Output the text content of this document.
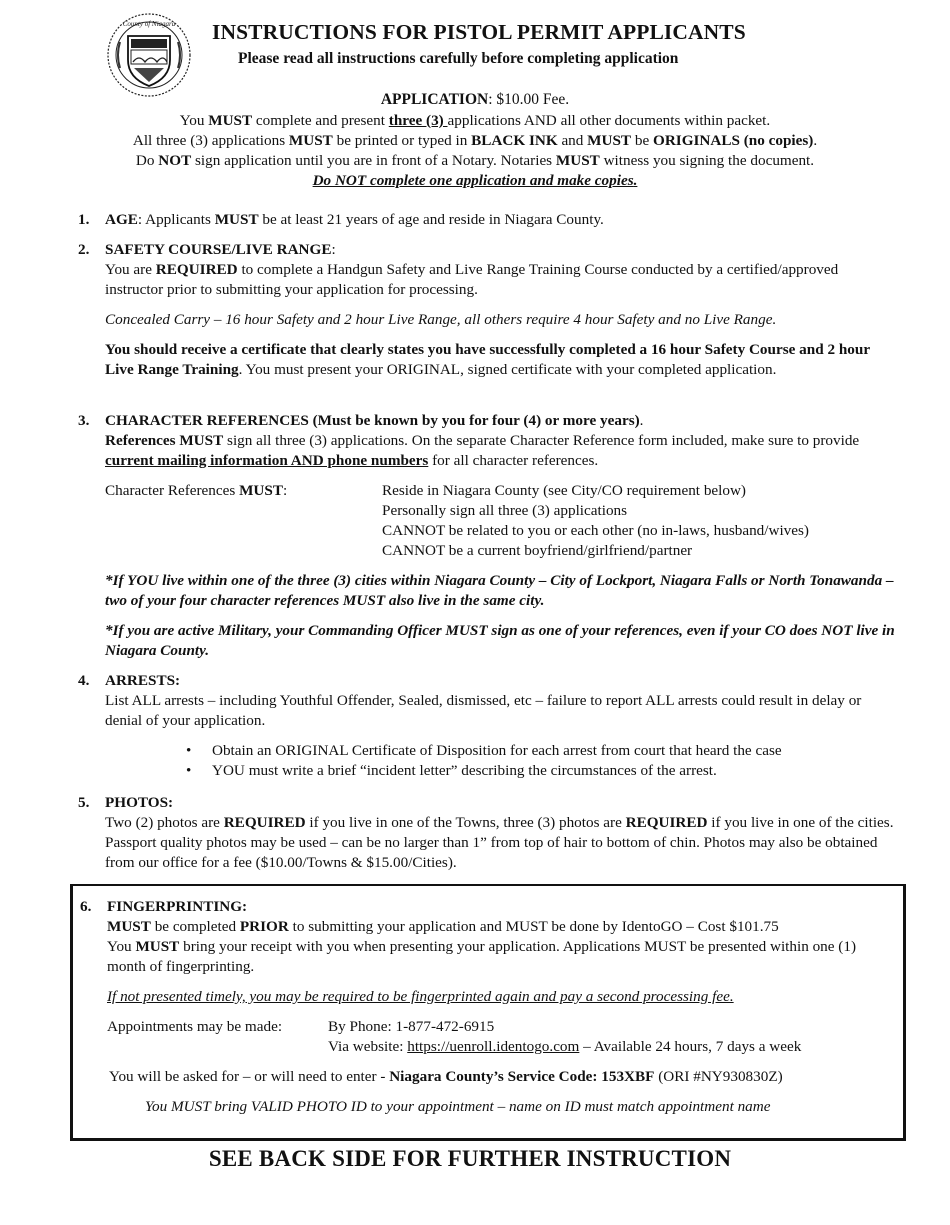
County of Niagara INSTRUCTIONS FOR PISTOL PERMIT APPLICANTS
Please read all instructions carefully before completing application
APPLICATION: $10.00 Fee.
You MUST complete and present three (3) applications AND all other documents within packet.
All three (3) applications MUST be printed or typed in BLACK INK and MUST be ORIGINALS (no copies).
Do NOT sign application until you are in front of a Notary. Notaries MUST witness you signing the document.
Do NOT complete one application and make copies.
1. AGE: Applicants MUST be at least 21 years of age and reside in Niagara County.
2. SAFETY COURSE/LIVE RANGE:

You are REQUIRED to complete a Handgun Safety and Live Range Training Course conducted by a certified/approved instructor prior to submitting your application for processing.

Concealed Carry – 16 hour Safety and 2 hour Live Range, all others require 4 hour Safety and no Live Range.

You should receive a certificate that clearly states you have successfully completed a 16 hour Safety Course and 2 hour Live Range Training. You must present your ORIGINAL, signed certificate with your completed application.

3. CHARACTER REFERENCES (Must be known by you for four (4) or more years).

References MUST sign all three (3) applications. On the separate Character Reference form included, make sure to provide current mailing information AND phone numbers for all character references.

Character References MUST:	Reside in Niagara County (see City/CO requirement below)
Personally sign all three (3) applications
CANNOT be related to you or each other (no in-laws, husband/wives)
CANNOT be a current boyfriend/girlfriend/partner

*If YOU live within one of the three (3) cities within Niagara County – City of Lockport, Niagara Falls or North Tonawanda – two of your four character references MUST also live in the same city.

*If you are active Military, your Commanding Officer MUST sign as one of your references, even if your CO does NOT live in Niagara County.

4. ARRESTS:

List ALL arrests – including Youthful Offender, Sealed, dismissed, etc – failure to report ALL arrests could result in delay or denial of your application.

• Obtain an ORIGINAL Certificate of Disposition for each arrest from court that heard the case
• YOU must write a brief “incident letter” describing the circumstances of the arrest.
5. PHOTOS:

Two (2) photos are REQUIRED if you live in one of the Towns, three (3) photos are REQUIRED if you live in one of the cities. Passport quality photos may be used – can be no larger than 1” from top of hair to bottom of chin. Photos may also be obtained from our office for a fee ($10.00/Towns & $15.00/Cities).

6. FINGERPRINTING:

MUST be completed PRIOR to submitting your application and MUST be done by IdentoGO – Cost $101.75

You MUST bring your receipt with you when presenting your application. Applications MUST be presented within one (1) month of fingerprinting.

If not presented timely, you may be required to be fingerprinted again and pay a second processing fee.

Appointments may be made:	By Phone: 1-877-472-6915
Via website: https://uenroll.identogo.com – Available 24 hours, 7 days a week

You will be asked for – or will need to enter - Niagara County’s Service Code: 153XBF (ORI #NY930830Z)

You MUST bring VALID PHOTO ID to your appointment – name on ID must match appointment name

SEE BACK SIDE FOR FURTHER INSTRUCTION
